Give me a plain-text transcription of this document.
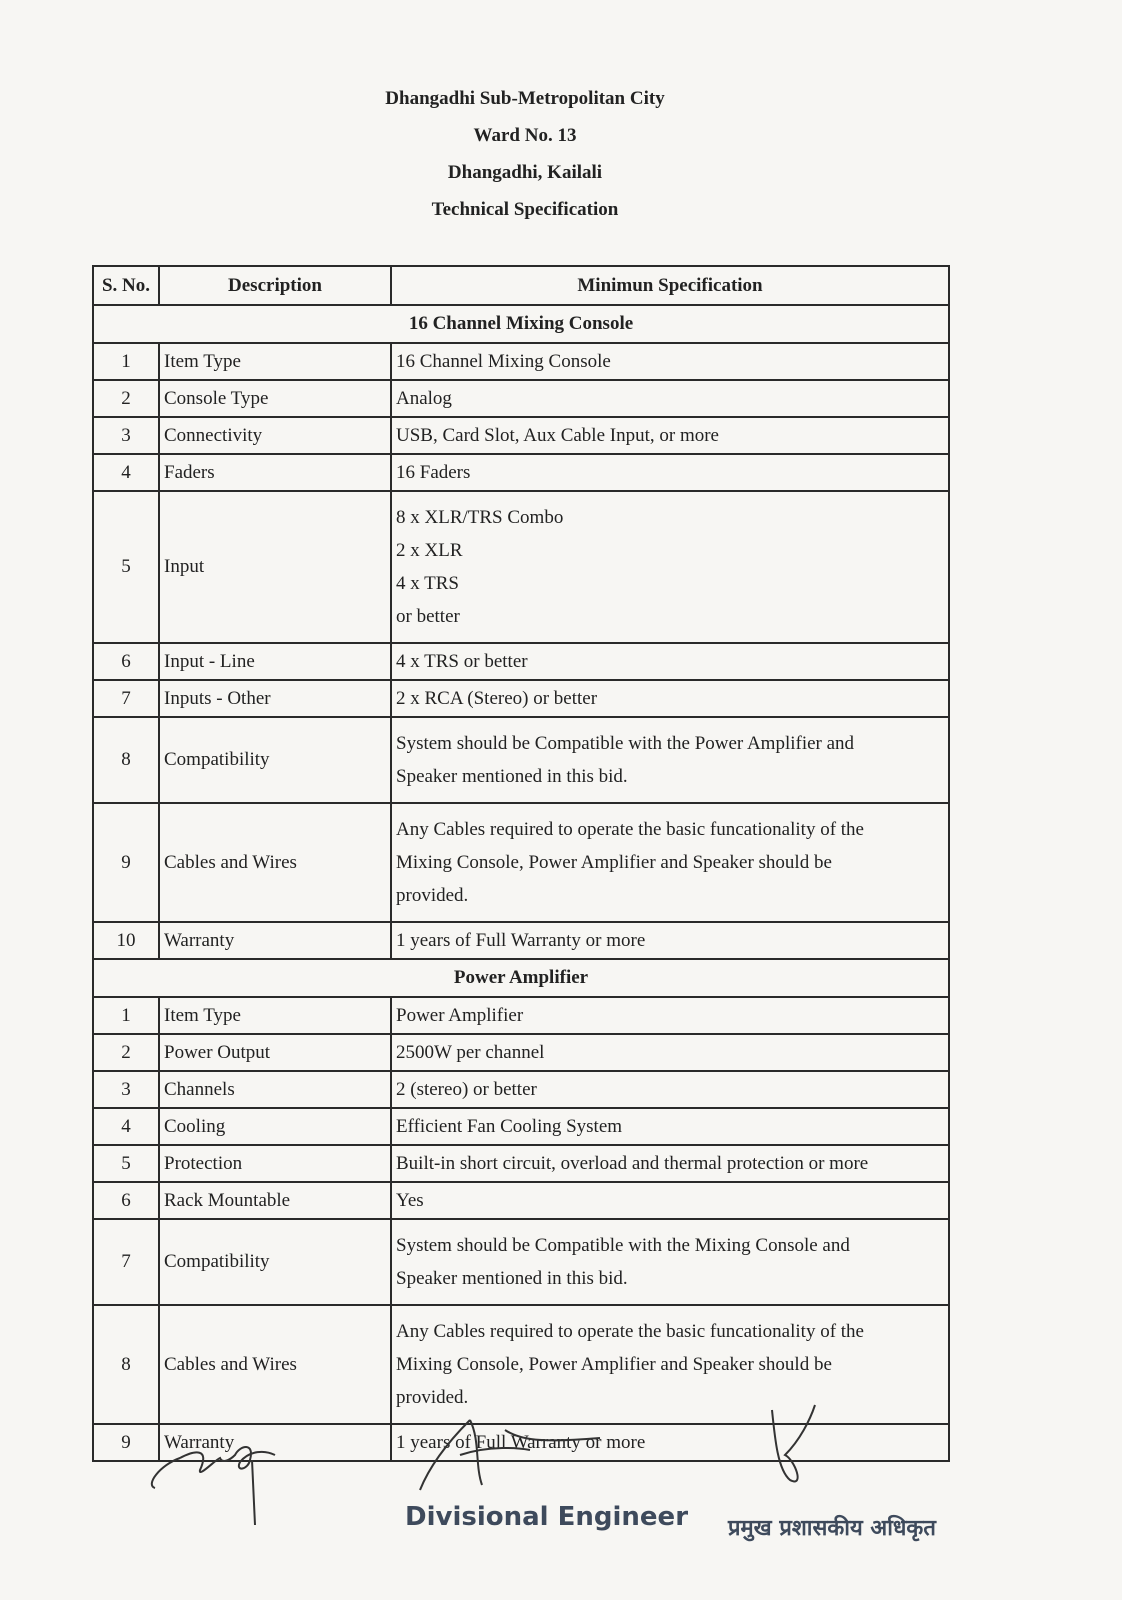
Dhangadhi Sub-Metropolitan City
Ward No. 13
Dhangadhi, Kailali
Technical Specification
S. No.	Description	Minimun Specification
16 Channel Mixing Console		
1	Item Type	16 Channel Mixing Console

2	Console Type	Analog

3	Connectivity	USB, Card Slot, Aux Cable Input, or more

4	Faders	16 Faders

5	Input	8 x XLR/TRS Combo
2 x XLR
4 x TRS
or better

6	Input - Line	4 x TRS or better

7	Inputs - Other	2 x RCA (Stereo) or better

8	Compatibility	System should be Compatible with the Power Amplifier and
Speaker mentioned in this bid.

9	Cables and Wires	Any Cables required to operate the basic funcationality of the
Mixing Console, Power Amplifier and Speaker should be
provided.

10	Warranty	1 years of Full Warranty or more

Power Amplifier		
1	Item Type	Power Amplifier

2	Power Output	2500W per channel

3	Channels	2 (stereo) or better

4	Cooling	Efficient Fan Cooling System

5	Protection	Built-in short circuit, overload and thermal protection or more

6	Rack Mountable	Yes

7	Compatibility	System should be Compatible with the Mixing Console and
Speaker mentioned in this bid.

8	Cables and Wires	Any Cables required to operate the basic funcationality of the
Mixing Console, Power Amplifier and Speaker should be
provided.

9	Warranty	1 years of Full Warranty or more
Divisional Engineer प्रमुख प्रशासकीय अधिकृत
